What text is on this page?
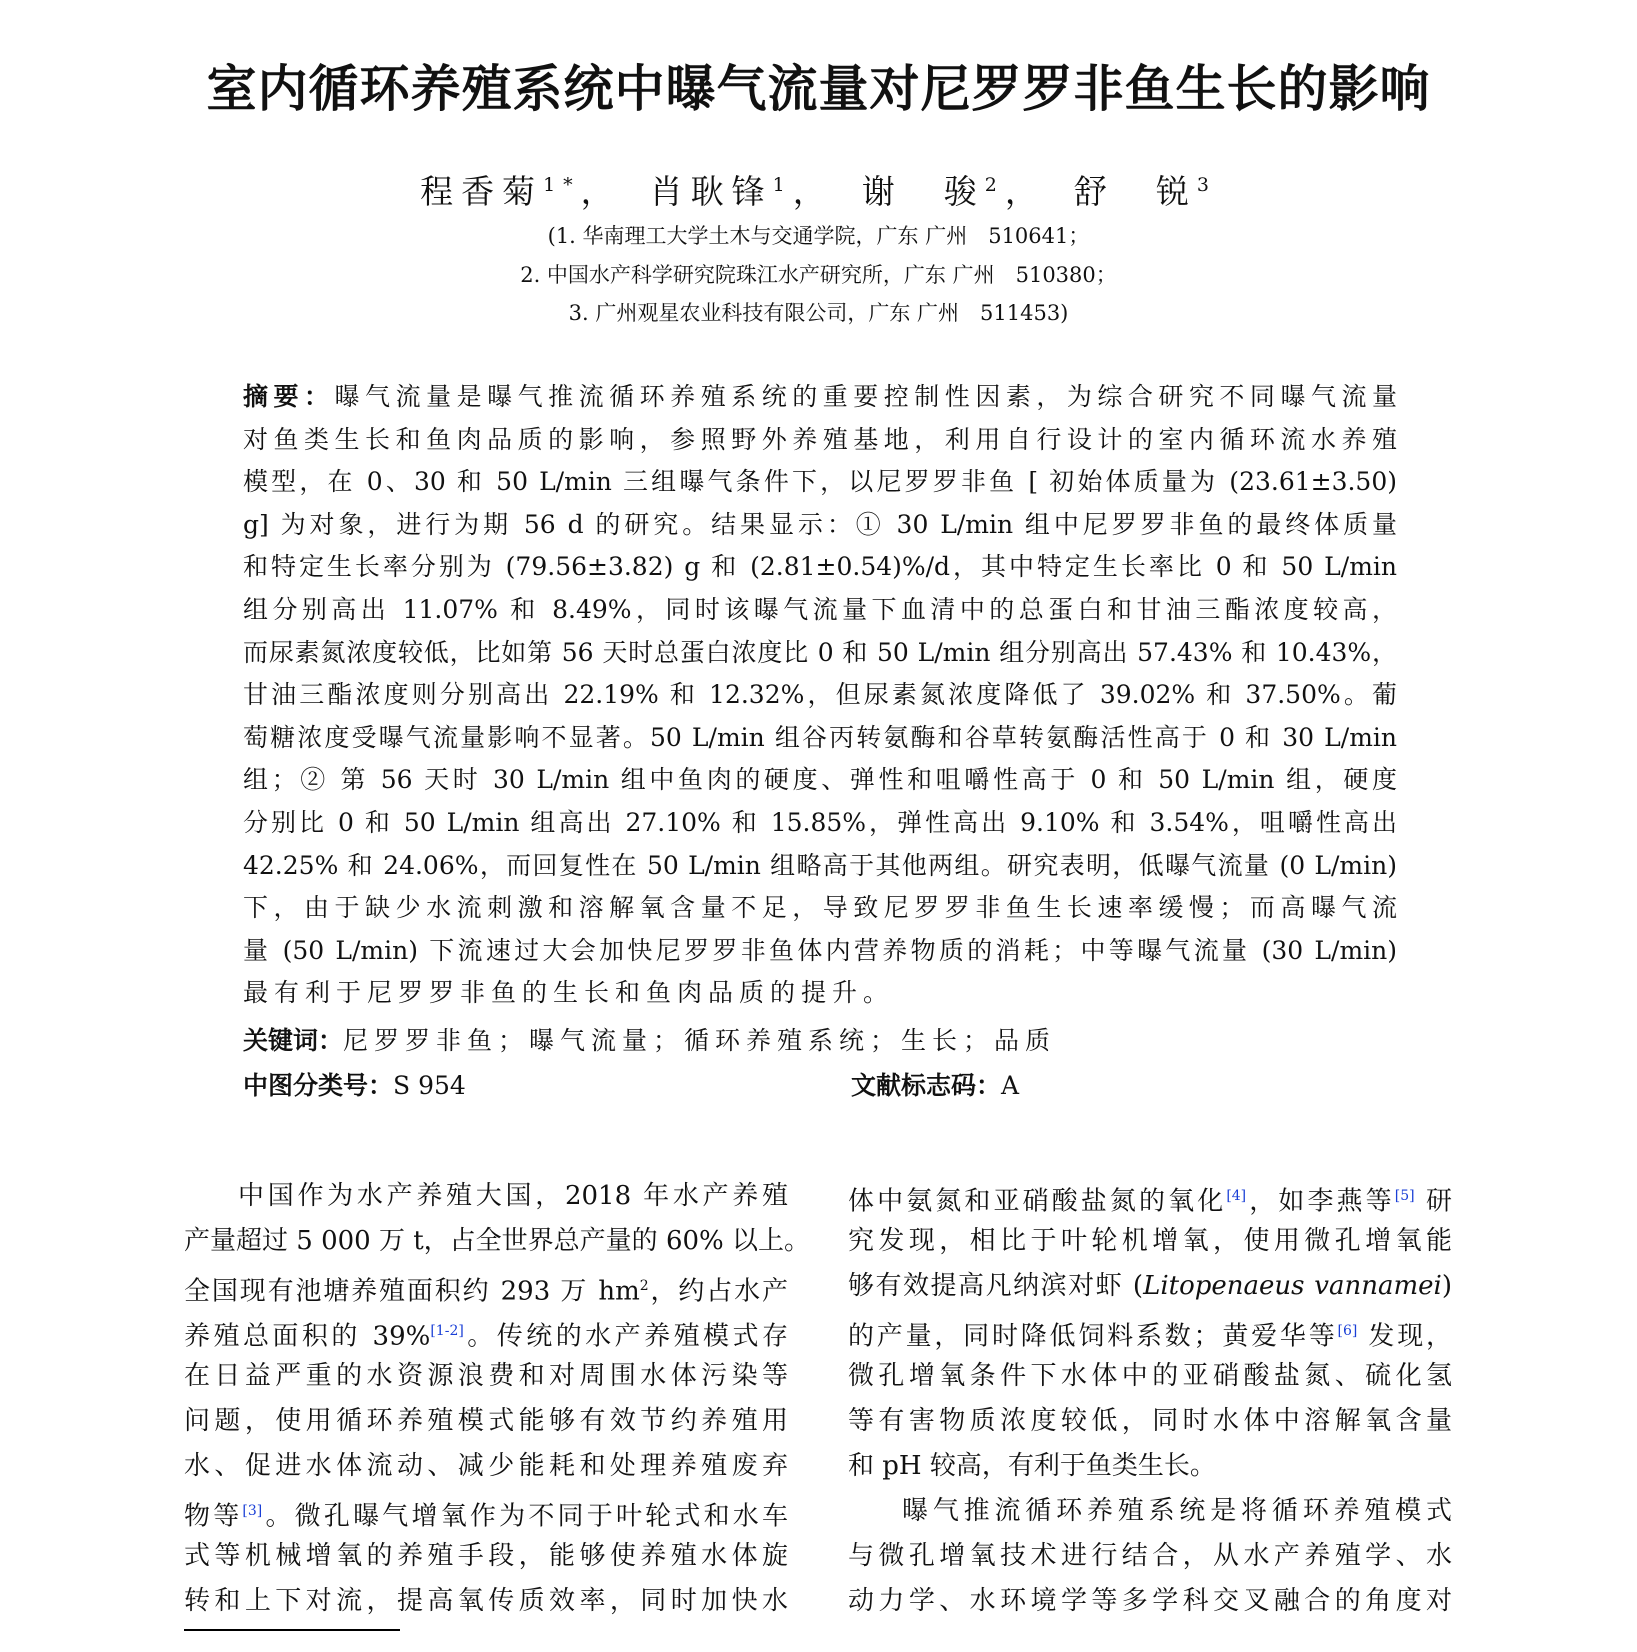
室内循环养殖系统中曝气流量对尼罗罗非鱼生长的影响
程香菊$^{1*}$， 肖耿锋$^1$， 谢　骏$^2$， 舒　锐$^3$
(1. 华南理工大学土木与交通学院，广东 广州　510641；
2. 中国水产科学研究院珠江水产研究所，广东 广州　510380；
3. 广州观星农业科技有限公司，广东 广州　511453)
摘要：曝气流量是曝气推流循环养殖系统的重要控制性因素，为综合研究不同曝气流量
对鱼类生长和鱼肉品质的影响，参照野外养殖基地，利用自行设计的室内循环流水养殖
模型，在 0、30 和 50 L/min 三组曝气条件下，以尼罗罗非鱼 [ 初始体质量为 (23.61±3.50)
g] 为对象，进行为期 56 d 的研究。结果显示：① 30 L/min 组中尼罗罗非鱼的最终体质量
和特定生长率分别为 (79.56±3.82) g 和 (2.81±0.54)%/d，其中特定生长率比 0 和 50 L/min
组分别高出 11.07% 和 8.49%，同时该曝气流量下血清中的总蛋白和甘油三酯浓度较高，
而尿素氮浓度较低，比如第 56 天时总蛋白浓度比 0 和 50 L/min 组分别高出 57.43% 和 10.43%，
甘油三酯浓度则分别高出 22.19% 和 12.32%，但尿素氮浓度降低了 39.02% 和 37.50%。葡
萄糖浓度受曝气流量影响不显著。50 L/min 组谷丙转氨酶和谷草转氨酶活性高于 0 和 30 L/min
组；② 第 56 天时 30 L/min 组中鱼肉的硬度、弹性和咀嚼性高于 0 和 50 L/min 组，硬度
分别比 0 和 50 L/min 组高出 27.10% 和 15.85%，弹性高出 9.10% 和 3.54%，咀嚼性高出
42.25% 和 24.06%，而回复性在 50 L/min 组略高于其他两组。研究表明，低曝气流量 (0 L/min)
下，由于缺少水流刺激和溶解氧含量不足，导致尼罗罗非鱼生长速率缓慢；而高曝气流
量 (50 L/min) 下流速过大会加快尼罗罗非鱼体内营养物质的消耗；中等曝气流量 (30 L/min)
最有利于尼罗罗非鱼的生长和鱼肉品质的提升。
关键词：尼罗罗非鱼；曝气流量；循环养殖系统；生长；品质
中图分类号：S 954	文献标志码：A
中国作为水产养殖大国，2018 年水产养殖
产量超过 5 000 万 t，占全世界总产量的 60% 以上。
全国现有池塘养殖面积约 293 万 $hm^2$，约占水产
养殖总面积的 39%[1-2]。传统的水产养殖模式存
在日益严重的水资源浪费和对周围水体污染等
问题，使用循环养殖模式能够有效节约养殖用
水、促进水体流动、减少能耗和处理养殖废弃
物等[3]。微孔曝气增氧作为不同于叶轮式和水车
式等机械增氧的养殖手段，能够使养殖水体旋
转和上下对流，提高氧传质效率，同时加快水
体中氨氮和亚硝酸盐氮的氧化[4]，如李燕等[5] 研
究发现，相比于叶轮机增氧，使用微孔增氧能
够有效提高凡纳滨对虾 (Litopenaeus vannamei)
的产量，同时降低饲料系数；黄爱华等[6] 发现，
微孔增氧条件下水体中的亚硝酸盐氮、硫化氢
等有害物质浓度较低，同时水体中溶解氧含量
和 pH 较高，有利于鱼类生长。
曝气推流循环养殖系统是将循环养殖模式
与微孔增氧技术进行结合，从水产养殖学、水
动力学、水环境学等多学科交叉融合的角度对
